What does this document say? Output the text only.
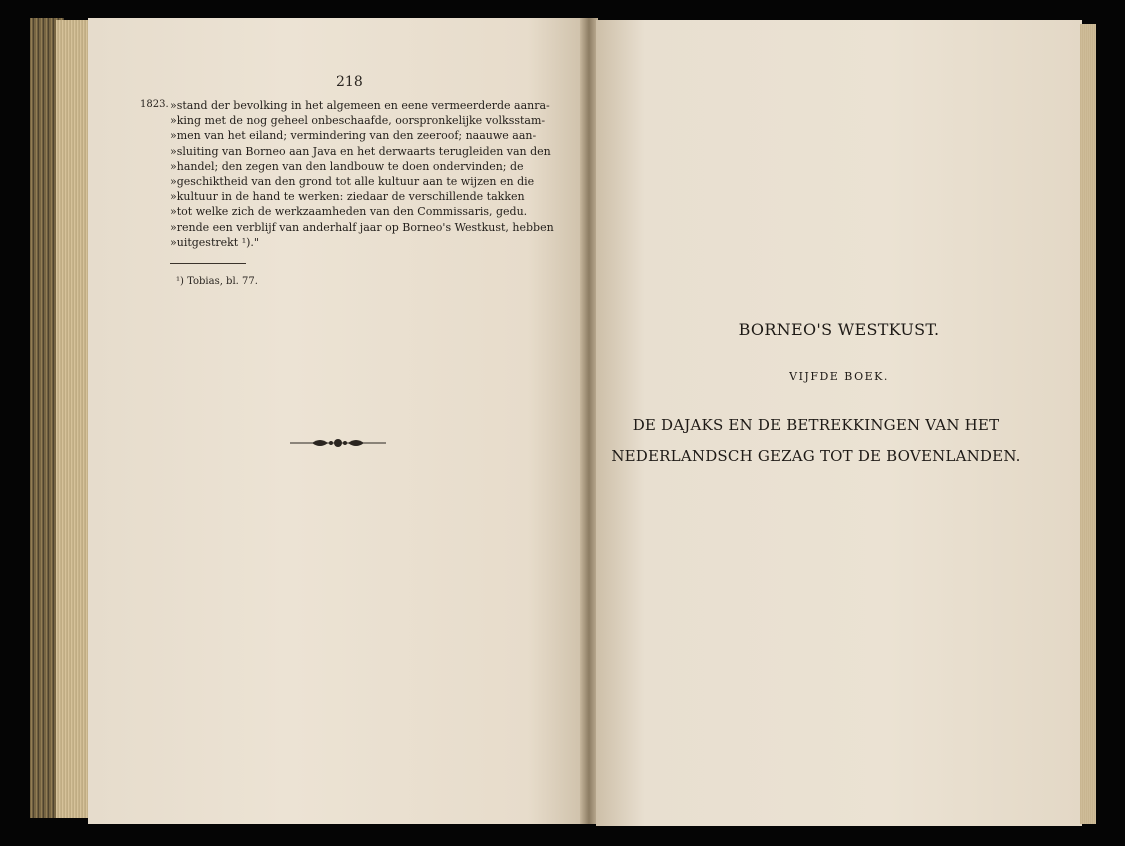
218
1823. »stand der bevolking in het algemeen en eene vermeerderde aanra-
»king met de nog geheel onbeschaafde, oorspronkelijke volksstam-
»men van het eiland; vermindering van den zeeroof; naauwe aan-
»sluiting van Borneo aan Java en het derwaarts terugleiden van den
»handel; den zegen van den landbouw te doen ondervinden; de
»geschiktheid van den grond tot alle kultuur aan te wijzen en die
»kultuur in de hand te werken: ziedaar de verschillende takken
»tot welke zich de werkzaamheden van den Commissaris, gedu.
»rende een verblijf van anderhalf jaar op Borneo's Westkust, hebben
»uitgestrekt ¹)."
¹) Tobias, bl. 77.
BORNEO'S WESTKUST.
VIJFDE BOEK.
DE DAJAKS EN DE BETREKKINGEN VAN HET NEDERLANDSCH GEZAG TOT DE BOVENLANDEN.
